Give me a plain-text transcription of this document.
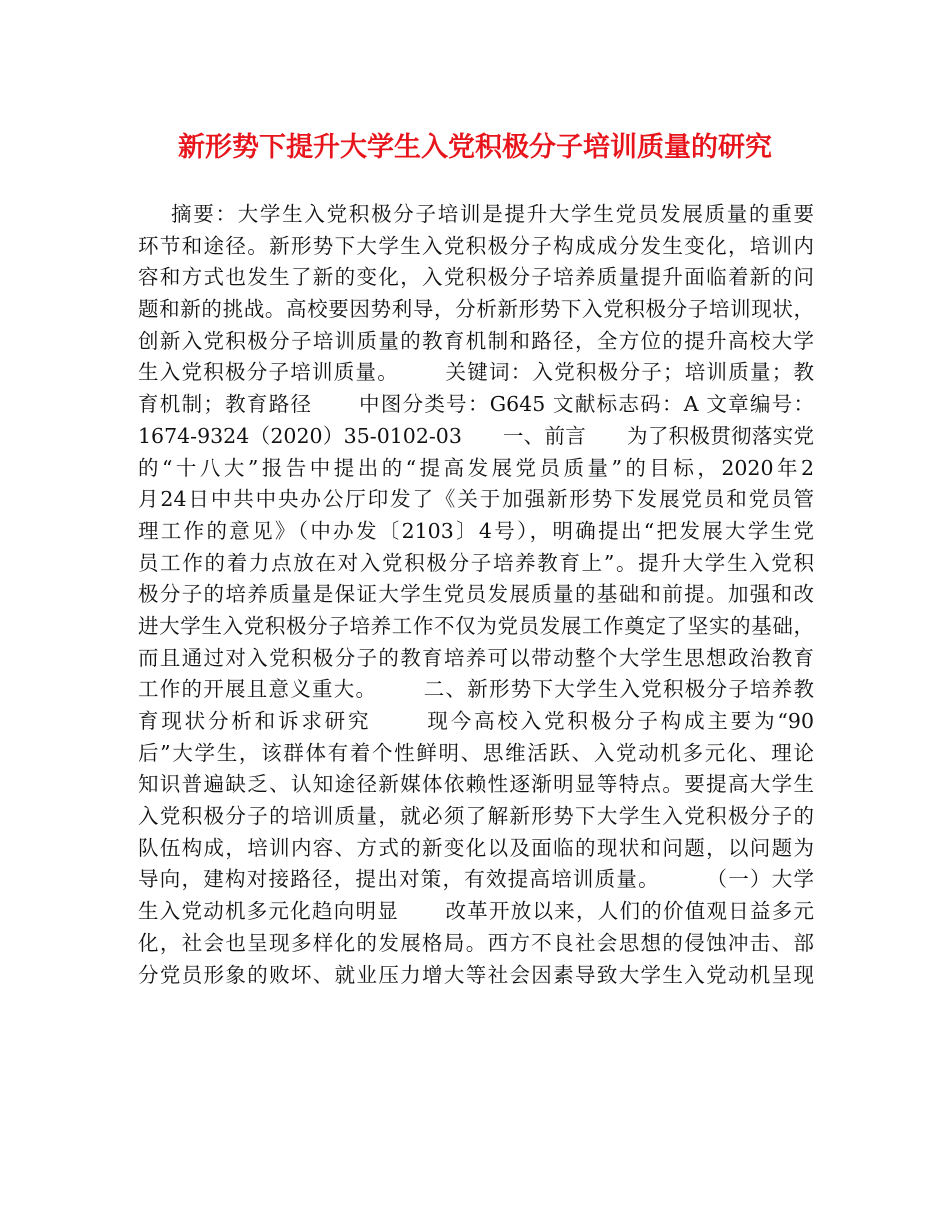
新形势下提升大学生入党积极分子培训质量的研究
摘要：大学生入党积极分子培训是提升大学生党员发展质量的重要
环节和途径。新形势下大学生入党积极分子构成成分发生变化，培训内
容和方式也发生了新的变化，入党积极分子培养质量提升面临着新的问
题和新的挑战。高校要因势利导，分析新形势下入党积极分子培训现状，
创新入党积极分子培训质量的教育机制和路径，全方位的提升高校大学
生入党积极分子培训质量。      关键词：入党积极分子；培训质量；教
育机制；教育路径      中图分类号：G645 文献标志码：A 文章编号：
1674-9324（2020）35-0102-03      一、前言      为了积极贯彻落实党
的“十八大”报告中提出的“提高发展党员质量”的目标，2020年2
月24日中共中央办公厅印发了《关于加强新形势下发展党员和党员管
理工作的意见》（中办发〔2103〕4号），明确提出“把发展大学生党
员工作的着力点放在对入党积极分子培养教育上”。提升大学生入党积
极分子的培养质量是保证大学生党员发展质量的基础和前提。加强和改
进大学生入党积极分子培养工作不仅为党员发展工作奠定了坚实的基础，
而且通过对入党积极分子的教育培养可以带动整个大学生思想政治教育
工作的开展且意义重大。      二、新形势下大学生入党积极分子培养教
育现状分析和诉求研究      现今高校入党积极分子构成主要为“90
后”大学生，该群体有着个性鲜明、思维活跃、入党动机多元化、理论
知识普遍缺乏、认知途径新媒体依赖性逐渐明显等特点。要提高大学生
入党积极分子的培训质量，就必须了解新形势下大学生入党积极分子的
队伍构成，培训内容、方式的新变化以及面临的现状和问题，以问题为
导向，建构对接路径，提出对策，有效提高培训质量。      （一）大学
生入党动机多元化趋向明显      改革开放以来，人们的价值观日益多元
化，社会也呈现多样化的发展格局。西方不良社会思想的侵蚀冲击、部
分党员形象的败坏、就业压力增大等社会因素导致大学生入党动机呈现
